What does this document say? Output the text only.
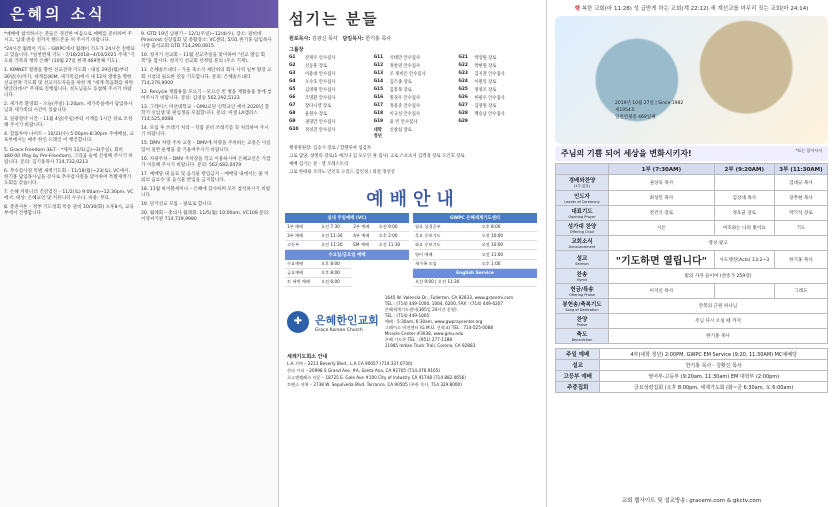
은혜의 소식
*예배에 참석하시는 분들은 경건한 마음으로 예배를 준비하여 주시고, 입례 찬송 전까지 핸드폰을 꺼 주시기 바랍니다.
*24시간 월레이 기도 – GWPC에서 월례이 기도가 24시간 진행되고 있습니다. *일천번제 기도 - 7/18/2018~4/10/2021 주제 "기도와 가족의 행복 은혜" (10월 27일 현재 469번째 기도).
1. KIMNET 열방을 향한 선교전략 기도회 - 내일 29일(월)부터 30일(수)까지, 세계를(KIM, 세가족심)에서 새 12차 열방을 향한 선교전략 기도회 및 선교지도자들을 위한 계 "세계 복음화를 위한 방글라데시" 주제로 진행됩니다. 성도님들도 동참해 주시기 바랍니다.
2. 세가족 환영회 – 오늘(주일) 1:20pm, 세가족실에서 담임목사님과 세가족의 시간이 있습니다.
3. 일광절약 시간 – 11월 4일(주일)부터 시계를 1시간 뒤로 조정해 주시기 바랍니다.
4. 할롤루야 나이트 – 10/31(수) 5:00pm-8:30pm 주예배실, 교육부에서는 매주 한인 드레인 어 행진합니다.
5. Grace Freedom 3&7 – *제자 11/1(금)~3(주일), 회비 $80:00 (Pay by Pre-Freedom), 그리움 둘에 신청해 주시기 바랍니다. 문의: 김기홍목사 714,732,0213
6. 추수감사절 특별 새벽기도회 – 11/18(월)~23(토), VC에서. 한기홍 담임목사님을 강사로 추수감사절을 맞이하여 특별새벽기도회를 갖습니다.
7. 은혜 커뮤니티 건강검진 – 11/2(토) 9:00am~12:30pm, VC에서. 대상: 은혜교인 및 커뮤니티 누구나. 비용: 무료.
8. 총전샤론 – 정부 기도성회 특송 준비 10/30(화) 오후8시, 교육부에서 진행합니다.
9. GTD 19년 남편기 – 12/1(주일)~12/4(수), 장소: 팜비데 Pinecrest 신장집회 및 총활장소: VC센터, 5/31 한기홍 담임목사 사랑 출석교회 GTD 714,290,0015
10. 청지기 선교회 – 11월 선교주일을 맞이하여 "선교 열심 회복"을 합시다. 청지기 선교회 선정팀 문의 (주소 기재).
11. 은혜솔트내티 – 가을 축소식 새단위의 회사 사역 일부 활장 교회 시설의 필요한 연동 기도합니다. 문의: 은혜솔트내티 714,276,9000
12. Recycle 재활용품 모으기 – 모으신 빈 병을 재활용품 통에 넣어주시기 바랍니다. 문의: 김영승 562,292,5123
13. 그레이스 미션대학교 – GMU교단 신학교인 에서 2020년 봄학기 신입생 및 편입생을 모집합니다. 문의: 미셀 LA캠퍼스 714,525,0088
14. 모임 후 쓰레기 처리 – 직접 준비 쓰레기를 꼭 처리하여 주시기 바랍니다.
15. DMV 차량 주차 교통 – DMV에 차량을 주차하는 교통은 이름 있어 일반 운행을 좀 기울여주시기 바랍니다.
16. 자광주차 – DMV 주차장을 작고 이용하시며 은혜교인은 가깝가 이동해 주시기 바랍니다. 문의: 562,682,0479
17. 예배당 내 음료 및 음식물 반입금지 – 예배당 내에서는 물 이외의 음료수 및 음식물 반입을 금지합니다.
18. 11월 바이블세미나 – 은혜에 감사하며 모두 참석하시기 바랍니다.
19. 단기선교 모집 – 팔로로 합니다.
20. 월례회 – 총의사 월례회: 11/5(월) 10:00am, VC108 문의: 이영씨기관 714,719,9980
섬기는 분들
원로목사: 김광신 목사 담임목사: 한기홍 목사
그룹장
G1	전재우 안수집사	G11	석태만 안수집사	G21	박장원 장로
G2	신동훈 장로	G12	정찬영 안수집사	G22	박현원 장로
G3	이용대 안수집사	G13	조 제비온 안수집사	G23	김지철 안수집사
G4	오수호 안수집사	G14	김은종 장로	G24	이원일 장로
G5	김영택 안수집사	G15	김봉목 장로	G25	정영조 장로
G6	조명환 안수집사	G16	원경우 안수집사	G26	한필우 안수집사
G7	장다니엘 장로	G17	정용준 안수집사	G27	김영원 장로
G8	윤원수 장로	G18	이규성 안수집사	G28	백승남 안수집사
G9	권형만 안수집사	G19	윤 빈 안수집사	G29
G10	정성진 안수집사	대학 청년
신창섭 장로
행정위원장: 김승기 장로 / 할렐루야 섬김자
크로 담당, 창열록 장로(1 애즈다 김 모오인 권 집사) 크로 스포츠서 김객경 장로 오인호 장로
예배 섬기는 분 · 셀 오레스트리
크로 한테용 오라노 언인호 오리드 김인경 / 의전 정선궁
예배안내
실내 주일예배 (VC)			
1부 예배	오전 7:30	2부 예배	오전 9:00
3부 예배	오전 11:30	4부 예배	오후 2:00
고등부	오전 11:30	EM 예배	오전 11:30
수요일/금요일 예배			
수요예배	오후 8:00		
금요예배	오후 8:00		
토 새벽 예배	오전 6:00		
GWPC 은혜세계기도센터	
월요 성경공부	오후 8:00
목요 중보기도	오전 10:00
화요 중보기도	오전 10:00
영어 예배	오전 11:00
새가족 모임	오후 1:00
English Service	
오전 9:00 | 오전 11:30	
✚	은혜한인교회
Grace Korean Church
1645 W. Valencia Dr., Fullerton, CA 92833, www.gracemi.com
TEL : (714) 449-1000, 1004, 6200, FAX : (714) 449-6207
은혜세계기도센터(365일 24시간 운영)
TEL : (714) 449-1005
예배 - 5:30am, 6:30am, www.gwpraycenter.org
그레이스 비전센터 (G.M.U. 신학교) TEL : 714-525-0088
Miracle Center #3038, www.gmu.edu
은혜 기드온 TEL : (951) 277-1188
11985 Indian Truck Trail, Corona, CA 92883
세계기도회소 안내
L.A 지역 – 2213 Beverly Blvd., L.A CA 90057 (714.337.6730)
산타 시티 – 20998 S Grand Ave, #A, Santa Ana, CA 92705 (714.476.9165)
로스앤젤레스 타운 – 18725 E. Gale Ave #100 City of Industry CA 91748 (714.882.0656)
토렌스 지역 – 2738 W. Sepulveda Blvd. Torrance, CA 90505 (주관 목사, 714.329.8000)
행 복한 교회(마 11:28) 성 급받게 하는 교회(계 22:12) 세 계선교를 마무리 짓는 교회(마 24:14)
2019년 10월 27일 | Since 1982
제1954호
일천번제중 469일째
주님의 기쁨 되어 세상을 변화시키자!	*표는 일어서서
	1부 (7:30AM)	2부 (9:20AM)	3부 (11:30AM)

경배와찬양
(1부 없음)	권상욱 목사		김대규 목사

인도자
Leader of Ceremony	최성민 목사	김상대 목사	장추현 목사

대표기도
Opening Prayer	전건식 장로	정호균 장로	박기석 장로

성가대 찬양
Offering Choir	시온	여호와는 나의 빛이요	기도

교회소식
Announcement	영상 광고		

설교
Sermon	"기도하면 열립니다"	사도행전(Acts) 13:2~3	한기홍 목사

찬송
Hymn	빛의 사자 들이여 (찬송가 259장)		

헌금/특송
Offering Praise	이지신 목사		그레도

봉헌송/축복기도
Song of Dedication	만복의 근원 하나님		

찬양
Praise	주님 다시 오실 때 까지		

축도
Benediction	한기홍 목사		
주일 예배	4부(대학 청년) 2:00PM, GWPC EM Service (9:20, 11:30AM) MC예배당
설교	한기홍 목사 · 김황신 목사
고등부 예배	영어부-고등부 (9:20am, 11:30am) EM 대학부 (2:00pm)
주중집회	금요성령집회 (오후 8:00pm, 세계기도회 (화~금 6:30am, 토 6:00am)
교회 웹사이트 및 설교방송: gracemi.com & gkctv.com
